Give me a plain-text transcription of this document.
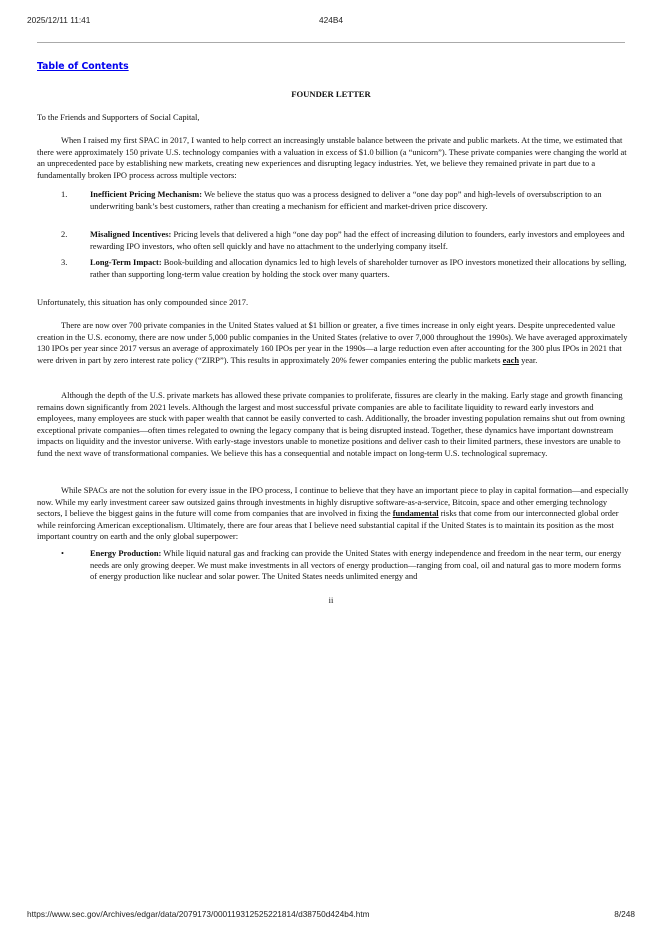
2025/12/11 11:41	424B4
Table of Contents
FOUNDER LETTER
To the Friends and Supporters of Social Capital,
When I raised my first SPAC in 2017, I wanted to help correct an increasingly unstable balance between the private and public markets. At the time, we estimated that there were approximately 150 private U.S. technology companies with a valuation in excess of $1.0 billion (a “unicorn”). These private companies were changing the world at an unprecedented pace by establishing new markets, creating new experiences and disrupting legacy industries. Yet, we believe they remained private in part due to a fundamentally broken IPO process across multiple vectors:
1.	Inefficient Pricing Mechanism: We believe the status quo was a process designed to deliver a “one day pop” and high-levels of oversubscription to an underwriting bank’s best customers, rather than creating a mechanism for efficient and market-driven price discovery.
2.	Misaligned Incentives: Pricing levels that delivered a high “one day pop” had the effect of increasing dilution to founders, early investors and employees and rewarding IPO investors, who often sell quickly and have no attachment to the underlying company itself.
3.	Long-Term Impact: Book-building and allocation dynamics led to high levels of shareholder turnover as IPO investors monetized their allocations by selling, rather than supporting long-term value creation by holding the stock over many quarters.
Unfortunately, this situation has only compounded since 2017.
There are now over 700 private companies in the United States valued at $1 billion or greater, a five times increase in only eight years. Despite unprecedented value creation in the U.S. economy, there are now under 5,000 public companies in the United States (relative to over 7,000 throughout the 1990s). We have averaged approximately 130 IPOs per year since 2017 versus an average of approximately 160 IPOs per year in the 1990s—a large reduction even after accounting for the 300 plus IPOs in 2021 that were driven in part by zero interest rate policy (“ZIRP”). This results in approximately 20% fewer companies entering the public markets each year.
Although the depth of the U.S. private markets has allowed these private companies to proliferate, fissures are clearly in the making. Early stage and growth financing remains down significantly from 2021 levels. Although the largest and most successful private companies are able to facilitate liquidity to reward early investors and employees, many employees are stuck with paper wealth that cannot be easily converted to cash. Additionally, the broader investing population remains shut out from owning exceptional private companies—often times relegated to owning the legacy company that is being disrupted instead. Together, these dynamics have important downstream impacts on liquidity and the investor universe. With early-stage investors unable to monetize positions and deliver cash to their limited partners, these investors are unable to fund the next wave of transformational companies. We believe this has a consequential and notable impact on long-term U.S. technological supremacy.
While SPACs are not the solution for every issue in the IPO process, I continue to believe that they have an important piece to play in capital formation—and especially now. While my early investment career saw outsized gains through investments in highly disruptive software-as-a-service, Bitcoin, space and other emerging technology sectors, I believe the biggest gains in the future will come from companies that are involved in fixing the fundamental risks that come from our interconnected global order while reinforcing American exceptionalism. Ultimately, there are four areas that I believe need substantial capital if the United States is to maintain its position as the most important country on earth and the only global superpower:
•	Energy Production: While liquid natural gas and fracking can provide the United States with energy independence and freedom in the near term, our energy needs are only growing deeper. We must make investments in all vectors of energy production—ranging from coal, oil and natural gas to more modern forms of energy production like nuclear and solar power. The United States needs unlimited energy and
ii
https://www.sec.gov/Archives/edgar/data/2079173/000119312525221814/d38750d424b4.htm	8/248
